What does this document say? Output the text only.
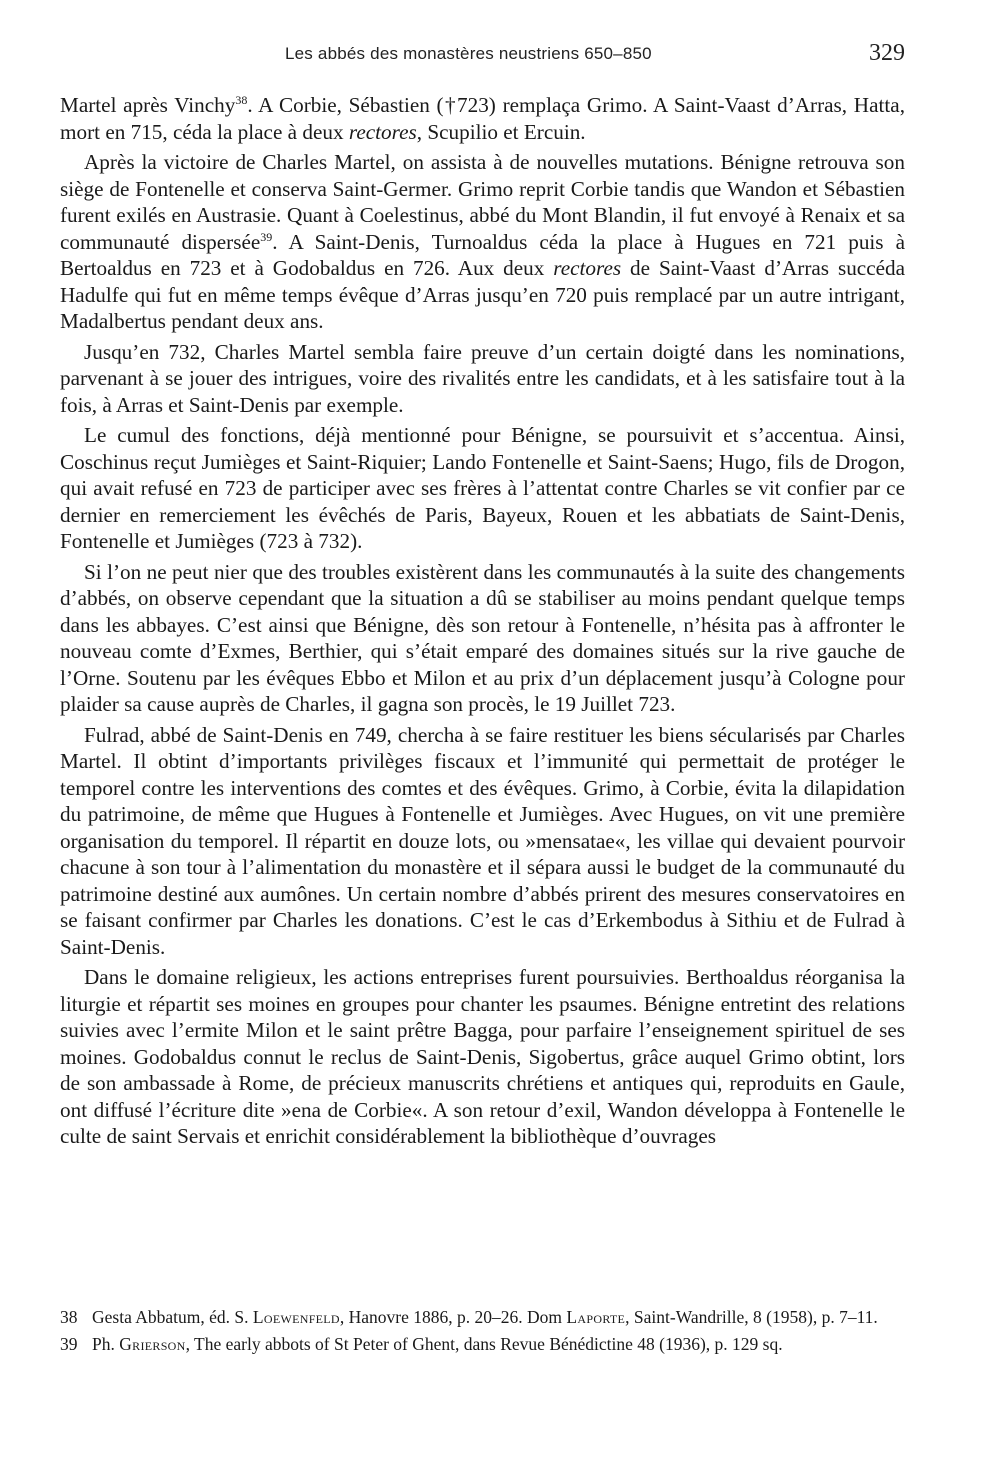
Les abbés des monastères neustriens 650–850	329

Martel après Vinchy$^{38}$. A Corbie, Sébastien (†723) remplaça Grimo. A Saint-Vaast d’Arras, Hatta, mort en 715, céda la place à deux rectores, Scupilio et Ercuin.

Après la victoire de Charles Martel, on assista à de nouvelles mutations. Bénigne retrouva son siège de Fontenelle et conserva Saint-Germer. Grimo reprit Corbie tandis que Wandon et Sébastien furent exilés en Austrasie. Quant à Coelestinus, abbé du Mont Blandin, il fut envoyé à Renaix et sa communauté dispersée$^{39}$. A Saint-Denis, Turnoaldus céda la place à Hugues en 721 puis à Bertoaldus en 723 et à Godobaldus en 726. Aux deux rectores de Saint-Vaast d’Arras succéda Hadulfe qui fut en même temps évêque d’Arras jusqu’en 720 puis remplacé par un autre intrigant, Madalbertus pendant deux ans.

Jusqu’en 732, Charles Martel sembla faire preuve d’un certain doigté dans les nominations, parvenant à se jouer des intrigues, voire des rivalités entre les candidats, et à les satisfaire tout à la fois, à Arras et Saint-Denis par exemple.

Le cumul des fonctions, déjà mentionné pour Bénigne, se poursuivit et s’accentua. Ainsi, Coschinus reçut Jumièges et Saint-Riquier; Lando Fontenelle et Saint-Saens; Hugo, fils de Drogon, qui avait refusé en 723 de participer avec ses frères à l’attentat contre Charles se vit confier par ce dernier en remerciement les évêchés de Paris, Bayeux, Rouen et les abbatiats de Saint-Denis, Fontenelle et Jumièges (723 à 732).

Si l’on ne peut nier que des troubles existèrent dans les communautés à la suite des changements d’abbés, on observe cependant que la situation a dû se stabiliser au moins pendant quelque temps dans les abbayes. C’est ainsi que Bénigne, dès son retour à Fontenelle, n’hésita pas à affronter le nouveau comte d’Exmes, Berthier, qui s’était emparé des domaines situés sur la rive gauche de l’Orne. Soutenu par les évêques Ebbo et Milon et au prix d’un déplacement jusqu’à Cologne pour plaider sa cause auprès de Charles, il gagna son procès, le 19 Juillet 723.

Fulrad, abbé de Saint-Denis en 749, chercha à se faire restituer les biens sécularisés par Charles Martel. Il obtint d’importants privilèges fiscaux et l’immunité qui permettait de protéger le temporel contre les interventions des comtes et des évêques. Grimo, à Corbie, évita la dilapidation du patrimoine, de même que Hugues à Fontenelle et Jumièges. Avec Hugues, on vit une première organisation du temporel. Il répartit en douze lots, ou »mensatae«, les villae qui devaient pourvoir chacune à son tour à l’alimentation du monastère et il sépara aussi le budget de la communauté du patrimoine destiné aux aumônes. Un certain nombre d’abbés prirent des mesures conservatoires en se faisant confirmer par Charles les donations. C’est le cas d’Erkembodus à Sithiu et de Fulrad à Saint-Denis.

Dans le domaine religieux, les actions entreprises furent poursuivies. Berthoaldus réorganisa la liturgie et répartit ses moines en groupes pour chanter les psaumes. Bénigne entretint des relations suivies avec l’ermite Milon et le saint prêtre Bagga, pour parfaire l’enseignement spirituel de ses moines. Godobaldus connut le reclus de Saint-Denis, Sigobertus, grâce auquel Grimo obtint, lors de son ambassade à Rome, de précieux manuscrits chrétiens et antiques qui, reproduits en Gaule, ont diffusé l’écriture dite »ena de Corbie«. A son retour d’exil, Wandon développa à Fontenelle le culte de saint Servais et enrichit considérablement la bibliothèque d’ouvrages

38 Gesta Abbatum, éd. S. Loewenfeld, Hanovre 1886, p. 20–26. Dom Laporte, Saint-Wandrille, 8 (1958), p. 7–11.
39 Ph. Grierson, The early abbots of St Peter of Ghent, dans Revue Bénédictine 48 (1936), p. 129 sq.
